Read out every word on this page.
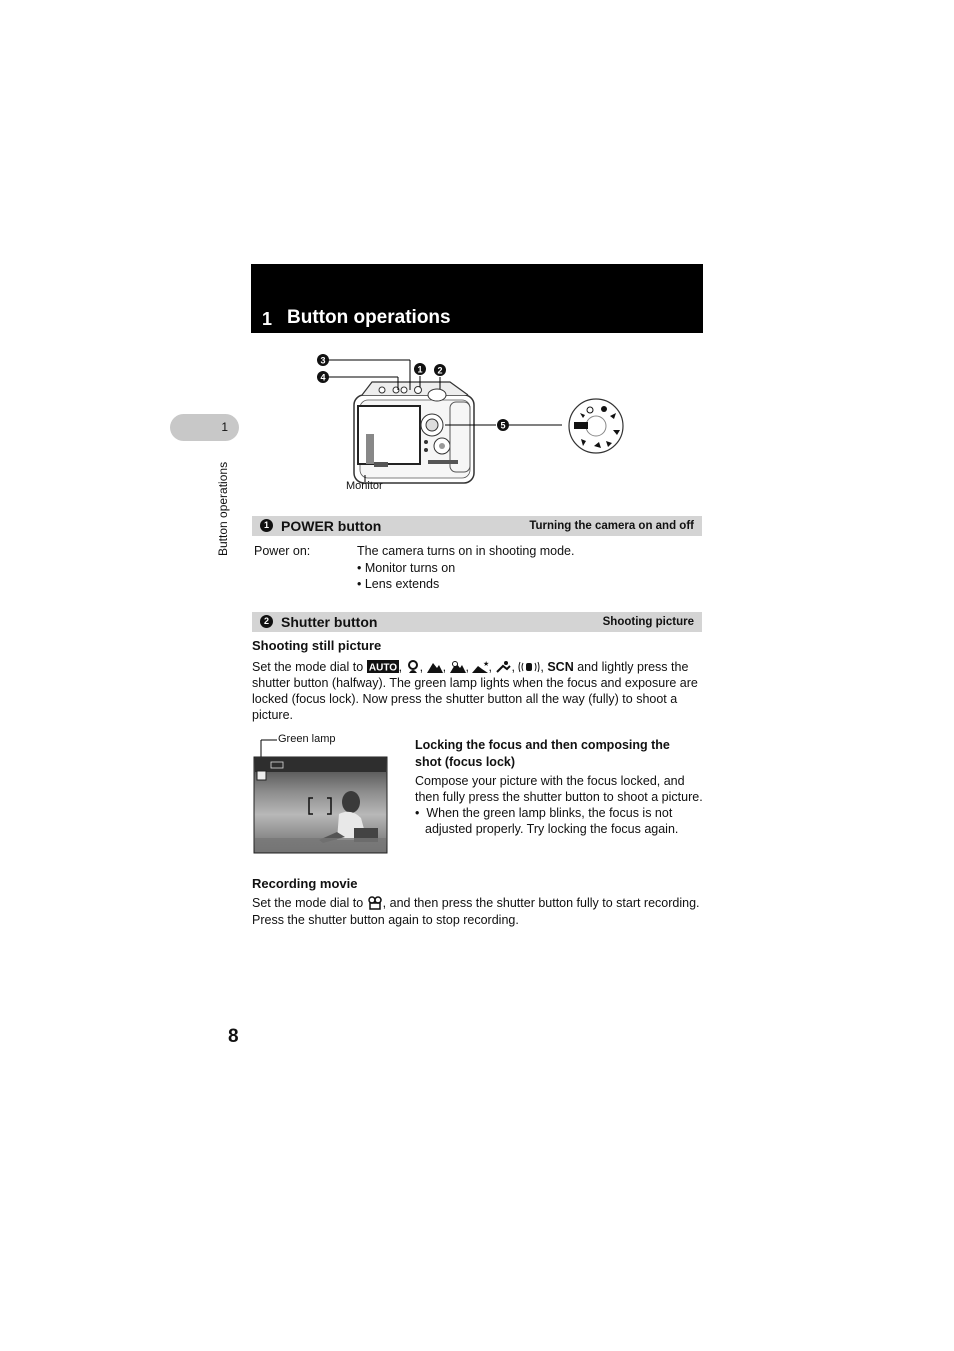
1 Button operations
1
Button operations
3
4
1 2
5
Monitor
1 POWER button	Turning the camera on and off
Power on:	The camera turns on in shooting mode.
• Monitor turns on
• Lens extends
2 Shutter button	Shooting picture
Shooting still picture
Set the mode dial to AUTO , , , , ★
, , , SCN and lightly press the
shutter button (halfway). The green lamp lights when the focus and exposure are
locked (focus lock). Now press the shutter button all the way (fully) to shoot a
picture.
Green lamp	Locking the focus and then composing the
shot (focus lock)
Compose your picture with the focus locked, and
then fully press the shutter button to shoot a picture.
•  When the green lamp blinks, the focus is not
adjusted properly. Try locking the focus again.
Recording movie
Set the mode dial to , and then press the shutter button fully to start recording.
Press the shutter button again to stop recording.
8
